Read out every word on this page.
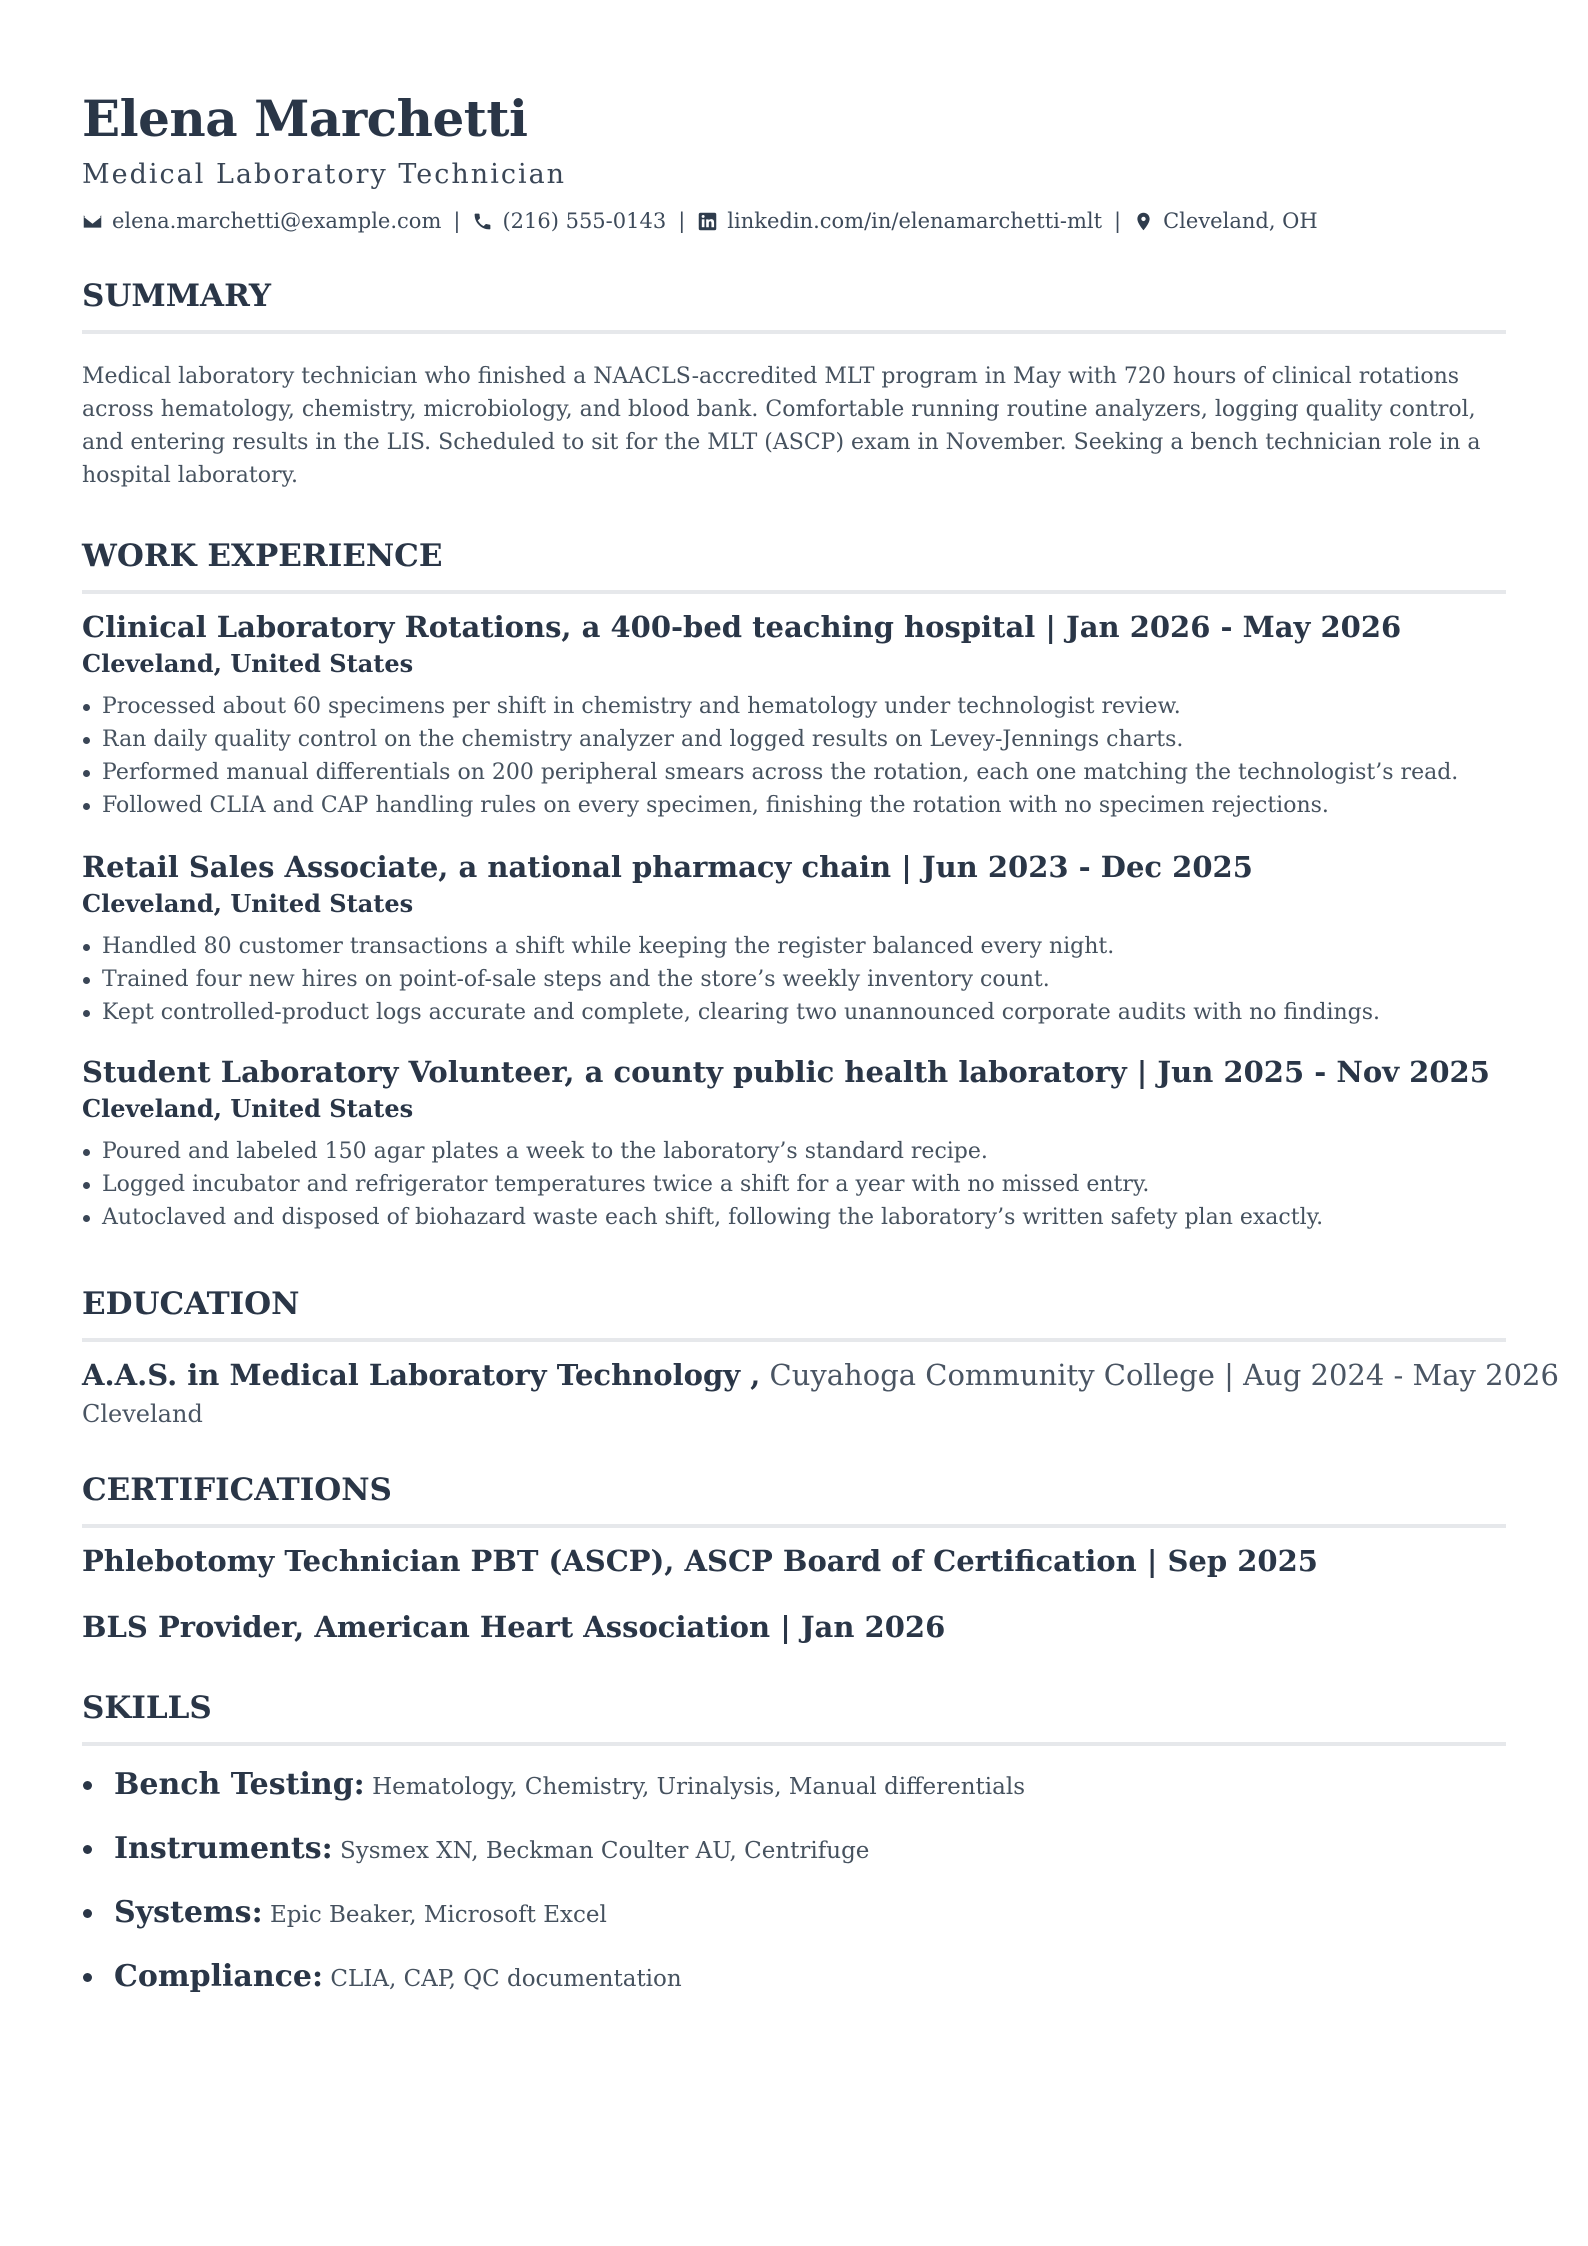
Elena Marchetti
Medical Laboratory Technician
elena.marchetti@example.com | (216) 555-0143 | linkedin.com/in/elenamarchetti-mlt | Cleveland, OH
SUMMARY
Medical laboratory technician who finished a NAACLS-accredited MLT program in May with 720 hours of clinical rotations across hematology, chemistry, microbiology, and blood bank. Comfortable running routine analyzers, logging quality control, and entering results in the LIS. Scheduled to sit for the MLT (ASCP) exam in November. Seeking a bench technician role in a hospital laboratory.
WORK EXPERIENCE
Clinical Laboratory Rotations, a 400-bed teaching hospital | Jan 2026 - May 2026
Cleveland, United States
Processed about 60 specimens per shift in chemistry and hematology under technologist review.
Ran daily quality control on the chemistry analyzer and logged results on Levey-Jennings charts.
Performed manual differentials on 200 peripheral smears across the rotation, each one matching the technologist’s read.
Followed CLIA and CAP handling rules on every specimen, finishing the rotation with no specimen rejections.
Retail Sales Associate, a national pharmacy chain | Jun 2023 - Dec 2025
Cleveland, United States
Handled 80 customer transactions a shift while keeping the register balanced every night.
Trained four new hires on point-of-sale steps and the store’s weekly inventory count.
Kept controlled-product logs accurate and complete, clearing two unannounced corporate audits with no findings.
Student Laboratory Volunteer, a county public health laboratory | Jun 2025 - Nov 2025
Cleveland, United States
Poured and labeled 150 agar plates a week to the laboratory’s standard recipe.
Logged incubator and refrigerator temperatures twice a shift for a year with no missed entry.
Autoclaved and disposed of biohazard waste each shift, following the laboratory’s written safety plan exactly.
EDUCATION
A.A.S. in Medical Laboratory Technology , Cuyahoga Community College | Aug 2024 - May 2026
Cleveland
CERTIFICATIONS
Phlebotomy Technician PBT (ASCP), ASCP Board of Certification | Sep 2025
BLS Provider, American Heart Association | Jan 2026
SKILLS
Bench Testing: Hematology, Chemistry, Urinalysis, Manual differentials
Instruments: Sysmex XN, Beckman Coulter AU, Centrifuge
Systems: Epic Beaker, Microsoft Excel
Compliance: CLIA, CAP, QC documentation
